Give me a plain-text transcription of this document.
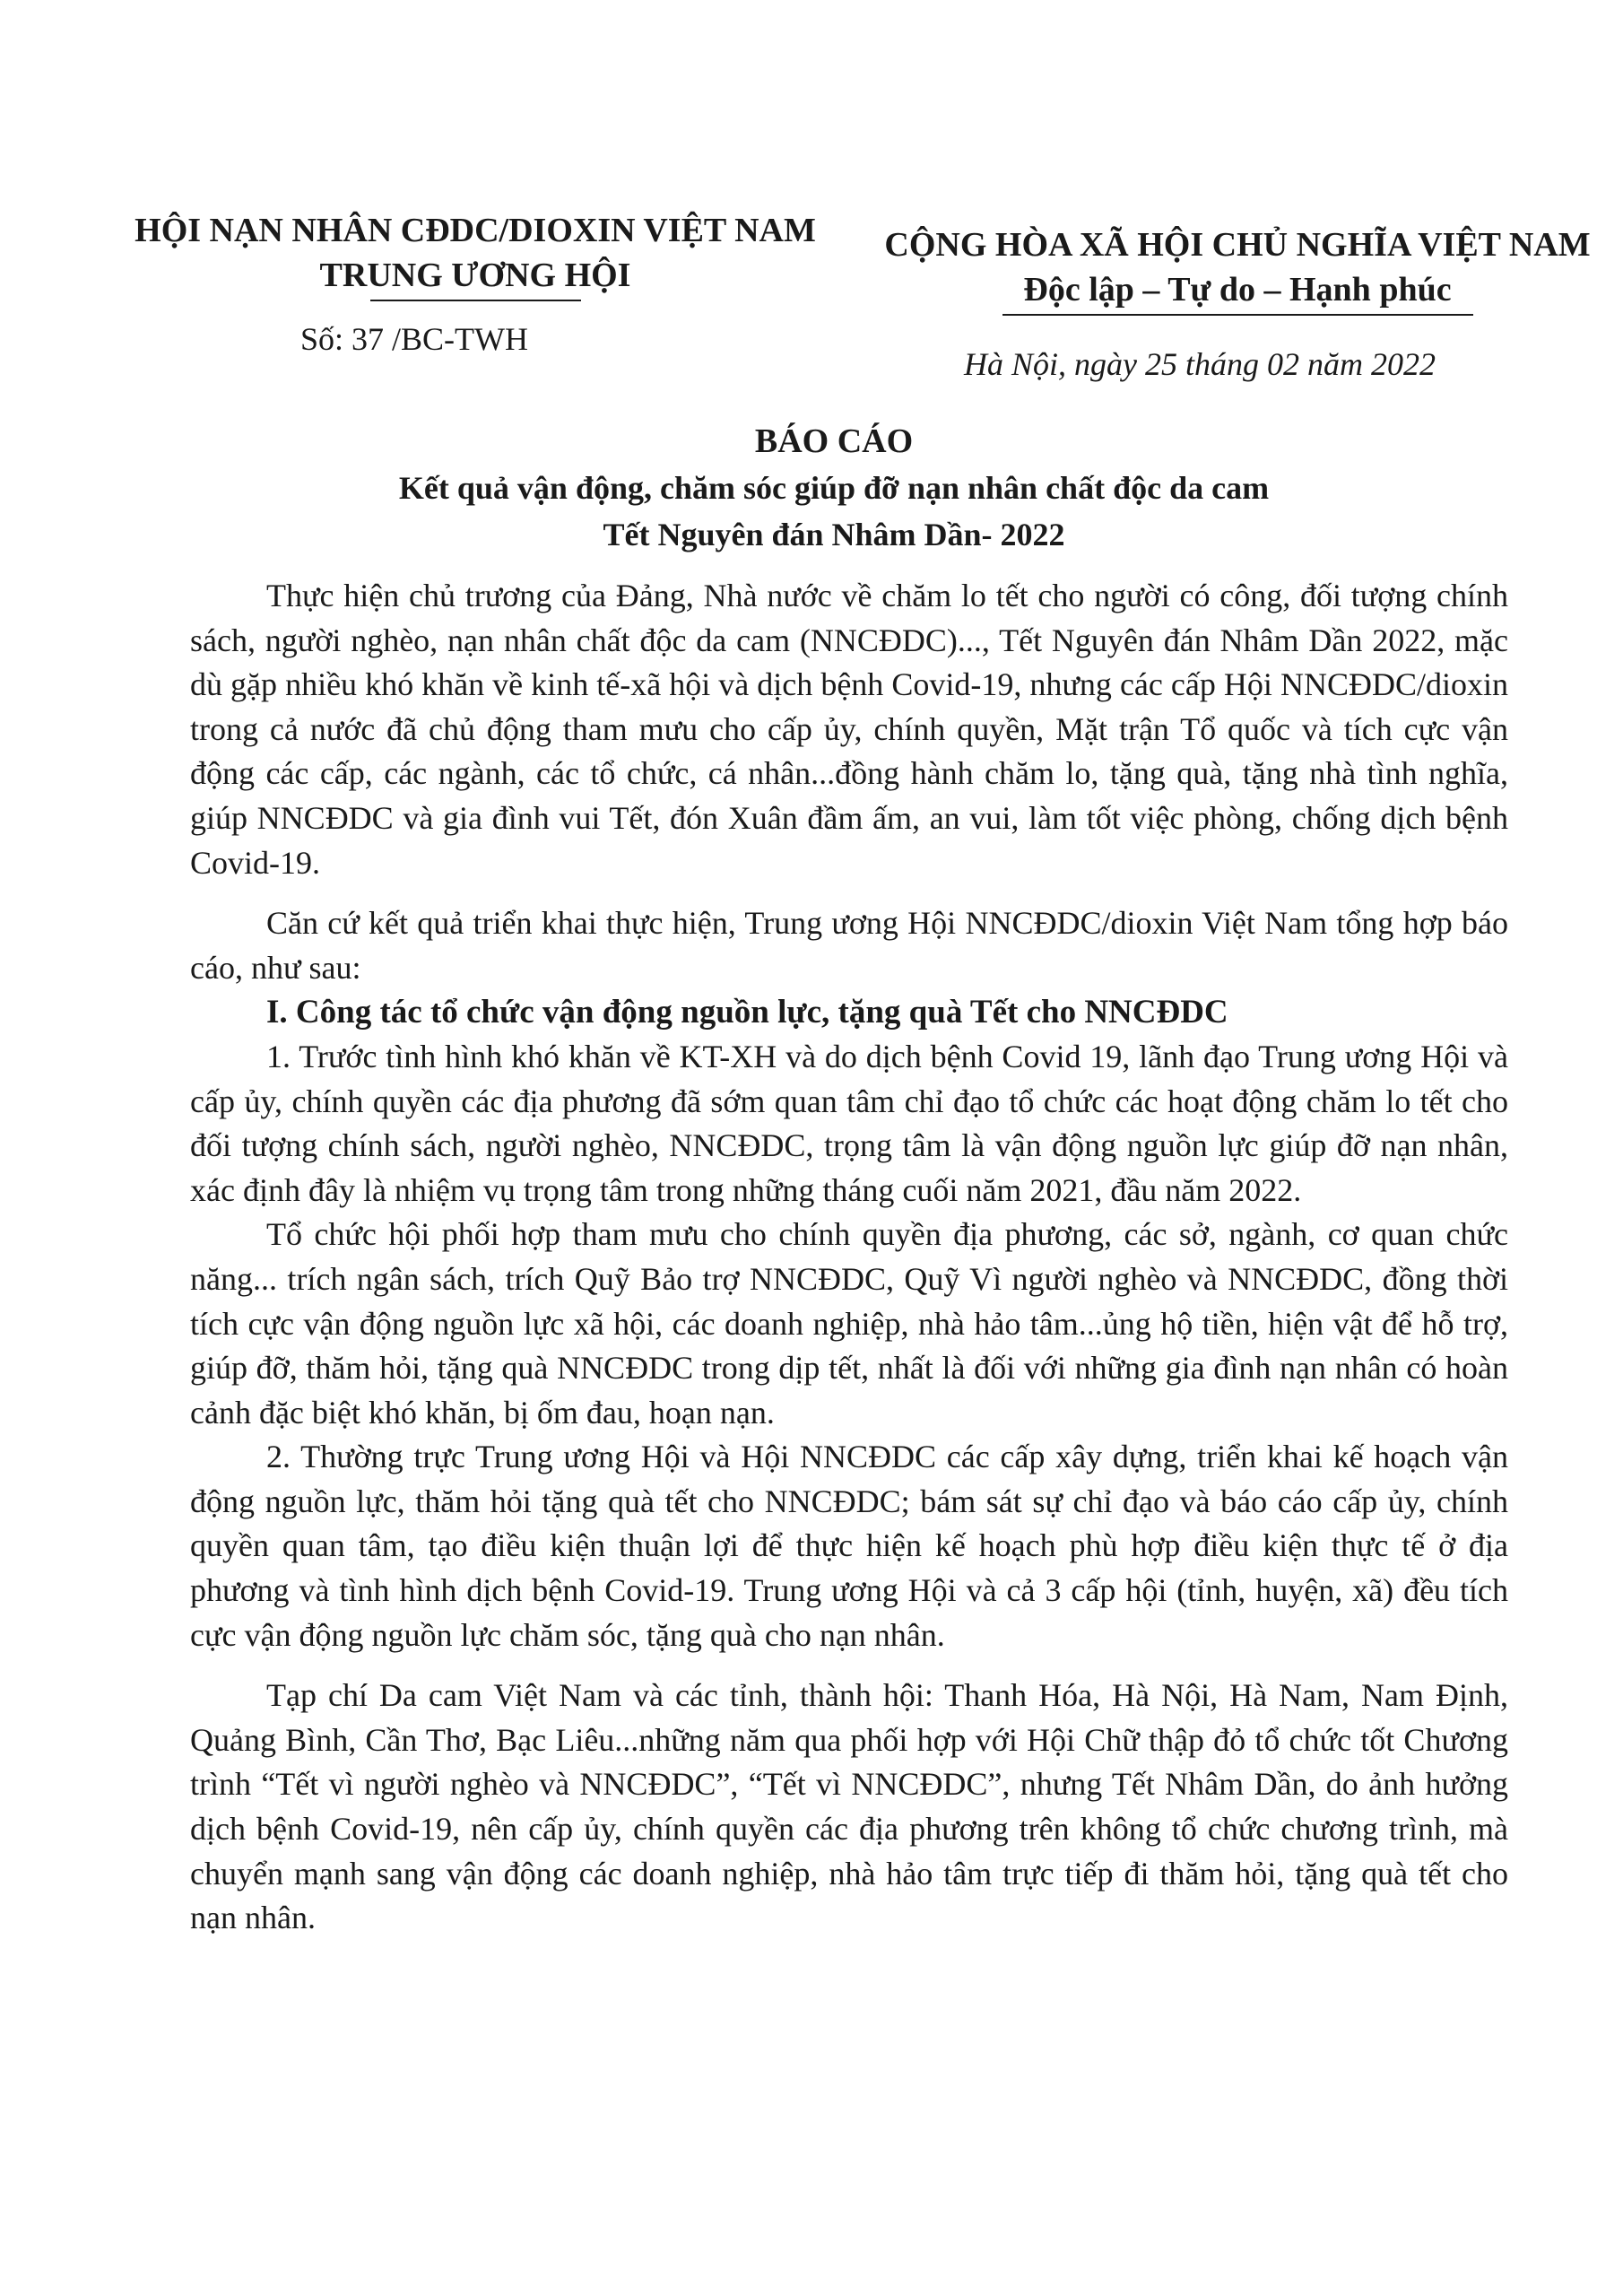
HỘI NẠN NHÂN CĐDC/DIOXIN VIỆT NAM
TRUNG ƯƠNG HỘI
Số: 37 /BC-TWH
CỘNG HÒA XÃ HỘI CHỦ NGHĨA VIỆT NAM
Độc lập – Tự do – Hạnh phúc
Hà Nội, ngày 25 tháng 02 năm 2022
BÁO CÁO
Kết quả vận động, chăm sóc giúp đỡ nạn nhân chất độc da cam
Tết Nguyên đán Nhâm Dần- 2022

Thực hiện chủ trương của Đảng, Nhà nước về chăm lo tết cho người có công, đối tượng chính sách, người nghèo, nạn nhân chất độc da cam (NNCĐDC)..., Tết Nguyên đán Nhâm Dần 2022, mặc dù gặp nhiều khó khăn về kinh tế-xã hội và dịch bệnh Covid-19, nhưng các cấp Hội NNCĐDC/dioxin trong cả nước đã chủ động tham mưu cho cấp ủy, chính quyền, Mặt trận Tổ quốc và tích cực vận động các cấp, các ngành, các tổ chức, cá nhân...đồng hành chăm lo, tặng quà, tặng nhà tình nghĩa, giúp NNCĐDC và gia đình vui Tết, đón Xuân đầm ấm, an vui, làm tốt việc phòng, chống dịch bệnh Covid-19.

Căn cứ kết quả triển khai thực hiện, Trung ương Hội NNCĐDC/dioxin Việt Nam tổng hợp báo cáo, như sau:

I. Công tác tổ chức vận động nguồn lực, tặng quà Tết cho NNCĐDC

1. Trước tình hình khó khăn về KT-XH và do dịch bệnh Covid 19, lãnh đạo Trung ương Hội và cấp ủy, chính quyền các địa phương đã sớm quan tâm chỉ đạo tổ chức các hoạt động chăm lo tết cho đối tượng chính sách, người nghèo, NNCĐDC, trọng tâm là vận động nguồn lực giúp đỡ nạn nhân, xác định đây là nhiệm vụ trọng tâm trong những tháng cuối năm 2021, đầu năm 2022.

Tổ chức hội phối hợp tham mưu cho chính quyền địa phương, các sở, ngành, cơ quan chức năng... trích ngân sách, trích Quỹ Bảo trợ NNCĐDC, Quỹ Vì người nghèo và NNCĐDC, đồng thời tích cực vận động nguồn lực xã hội, các doanh nghiệp, nhà hảo tâm...ủng hộ tiền, hiện vật để hỗ trợ, giúp đỡ, thăm hỏi, tặng quà NNCĐDC trong dịp tết, nhất là đối với những gia đình nạn nhân có hoàn cảnh đặc biệt khó khăn, bị ốm đau, hoạn nạn.

2. Thường trực Trung ương Hội và Hội NNCĐDC các cấp xây dựng, triển khai kế hoạch vận động nguồn lực, thăm hỏi tặng quà tết cho NNCĐDC; bám sát sự chỉ đạo và báo cáo cấp ủy, chính quyền quan tâm, tạo điều kiện thuận lợi để thực hiện kế hoạch phù hợp điều kiện thực tế ở địa phương và tình hình dịch bệnh Covid-19. Trung ương Hội và cả 3 cấp hội (tỉnh, huyện, xã) đều tích cực vận động nguồn lực chăm sóc, tặng quà cho nạn nhân.

Tạp chí Da cam Việt Nam và các tỉnh, thành hội: Thanh Hóa, Hà Nội, Hà Nam, Nam Định, Quảng Bình, Cần Thơ, Bạc Liêu...những năm qua phối hợp với Hội Chữ thập đỏ tổ chức tốt Chương trình “Tết vì người nghèo và NNCĐDC”, “Tết vì NNCĐDC”, nhưng Tết Nhâm Dần, do ảnh hưởng dịch bệnh Covid-19, nên cấp ủy, chính quyền các địa phương trên không tổ chức chương trình, mà chuyển mạnh sang vận động các doanh nghiệp, nhà hảo tâm trực tiếp đi thăm hỏi, tặng quà tết cho nạn nhân.
